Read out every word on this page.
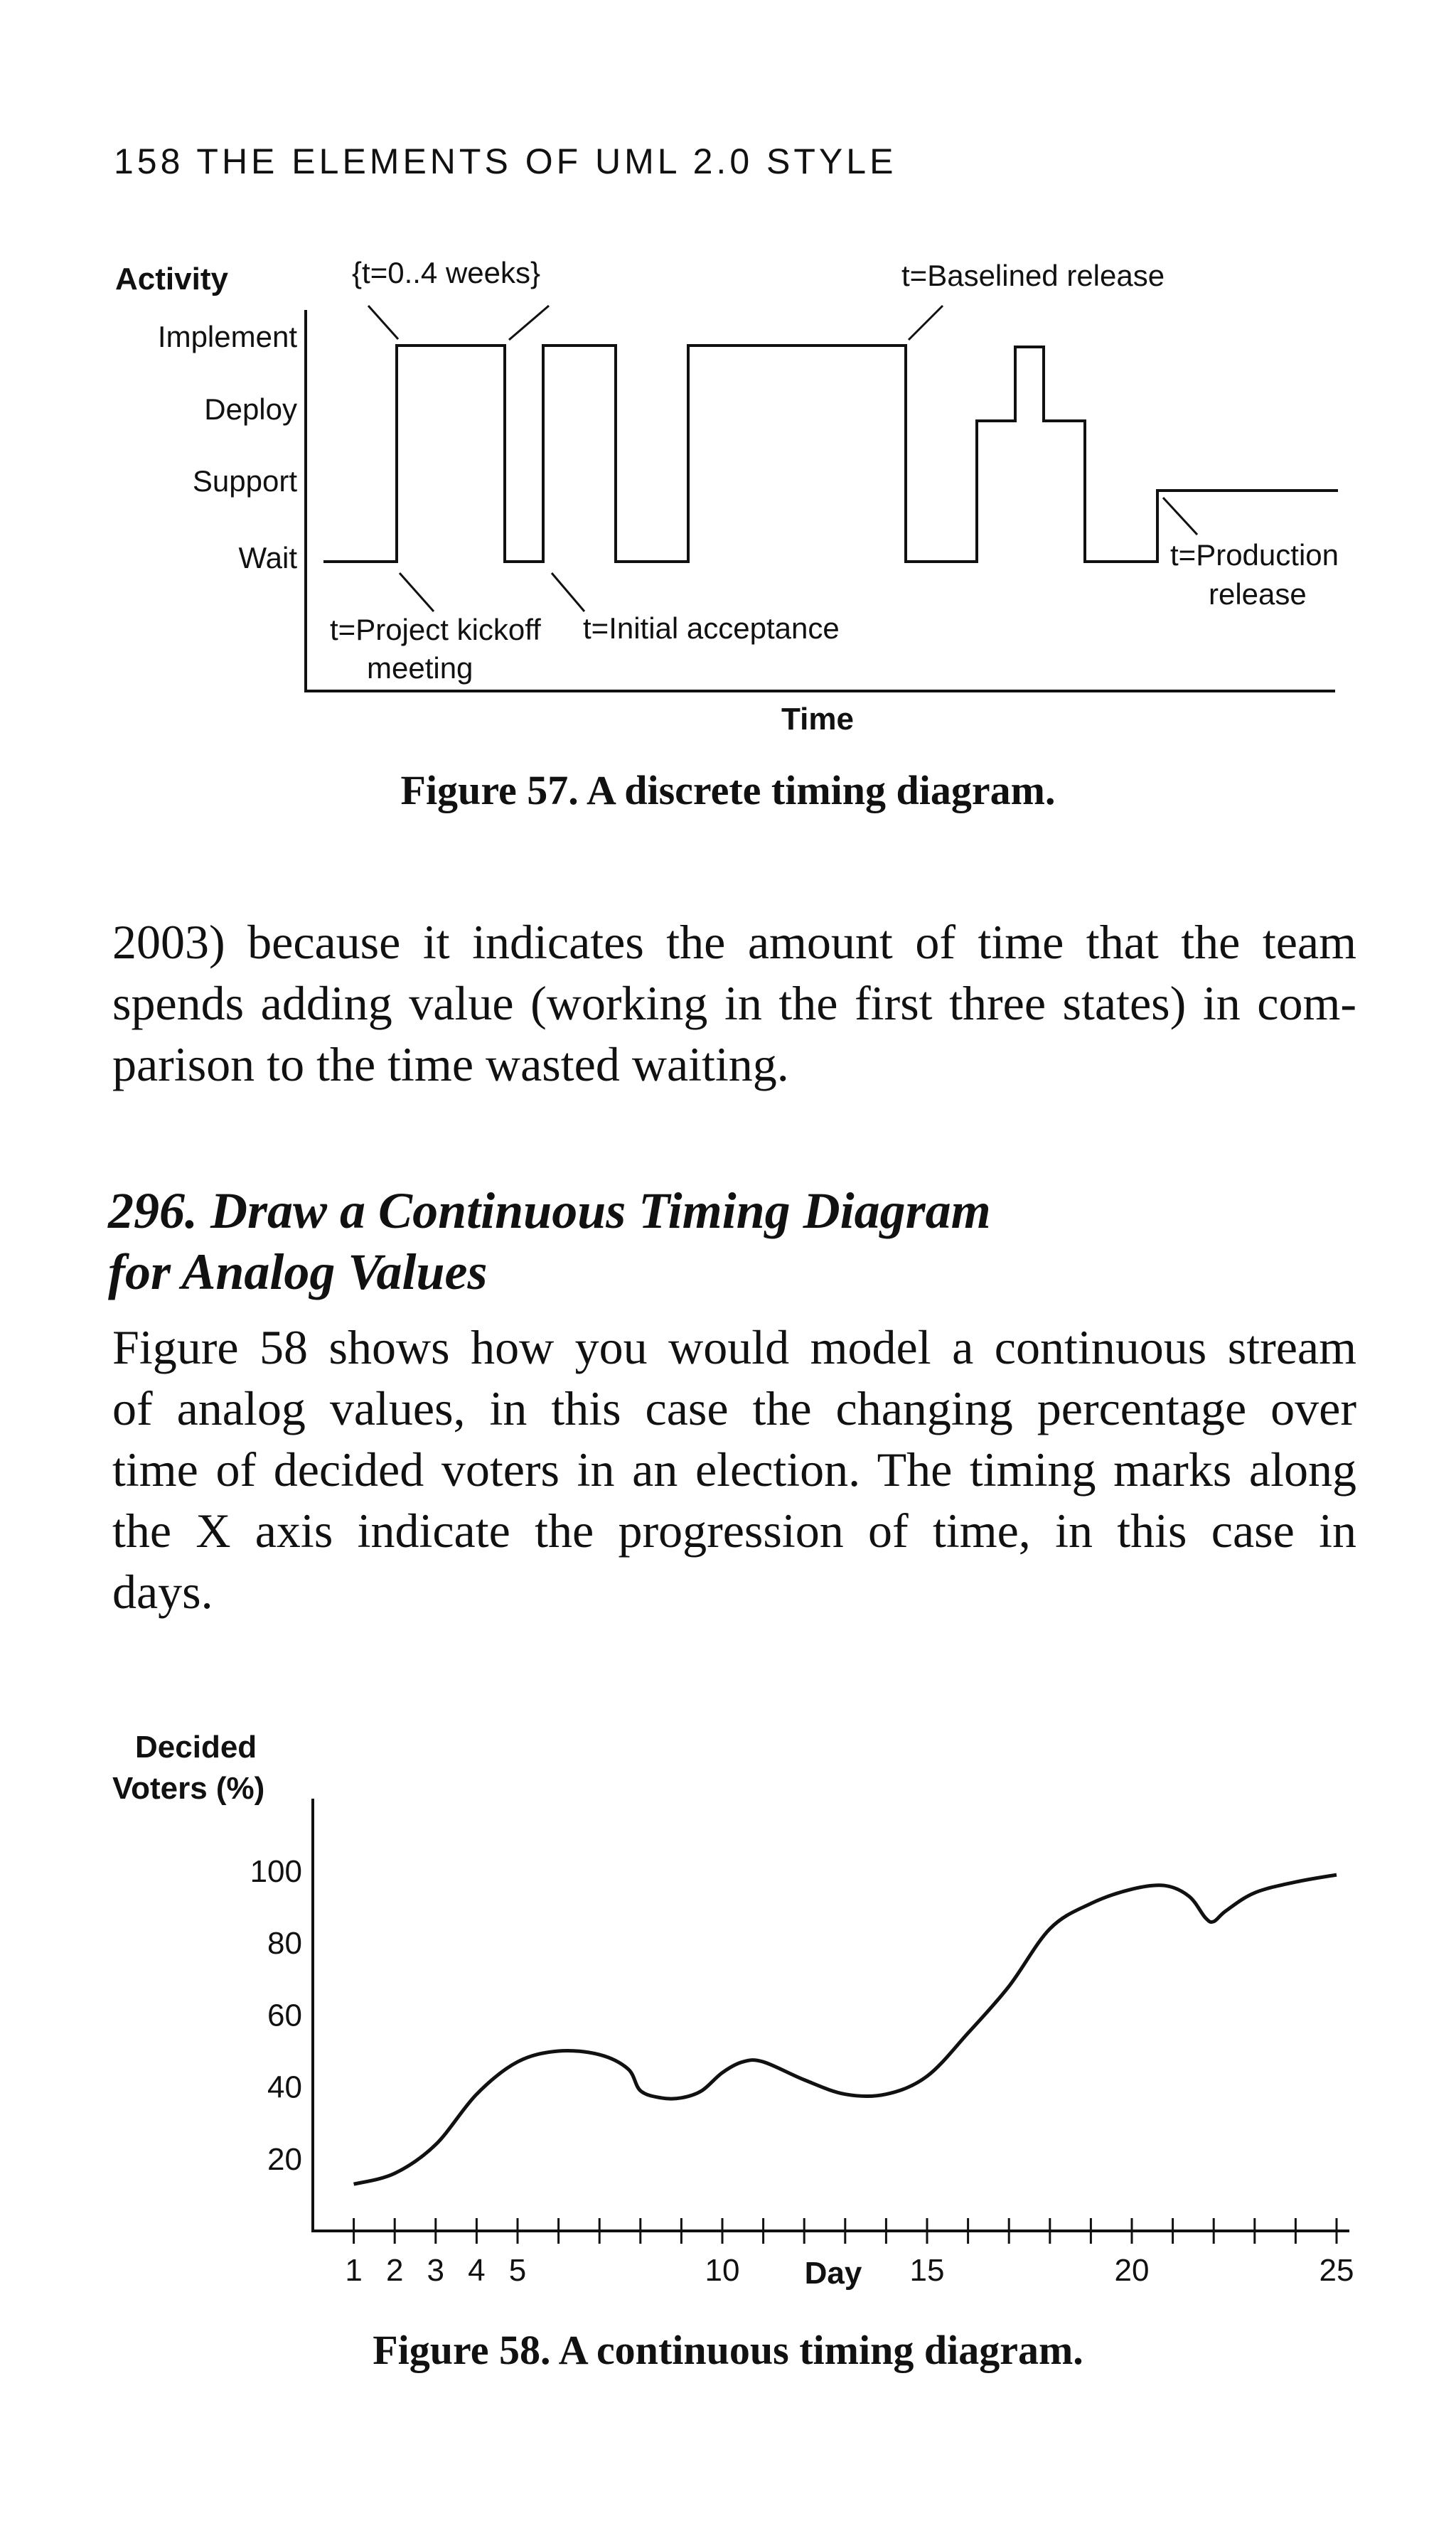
158 THE ELEMENTS OF UML 2.0 STYLE
Activity
Implement
Deploy
Support
Wait
Time
{t=0..4 weeks}	t=Baselined release
t=Project kickoff
meeting
t=Initial acceptance
t=Production
release
Figure 57. A discrete timing diagram.
2003) because it indicates the amount of time that the team
spends adding value (working in the first three states) in com-
parison to the time wasted waiting.
296. Draw a Continuous Timing Diagram
for Analog Values
Figure 58 shows how you would model a continuous stream
of analog values, in this case the changing percentage over
time of decided voters in an election. The timing marks along
the X axis indicate the progression of time, in this case in
days.
Decided
Voters (%)
20
40
60
80
100
1 2 3 4 5	10	15	20	25
Day
Figure 58. A continuous timing diagram.
